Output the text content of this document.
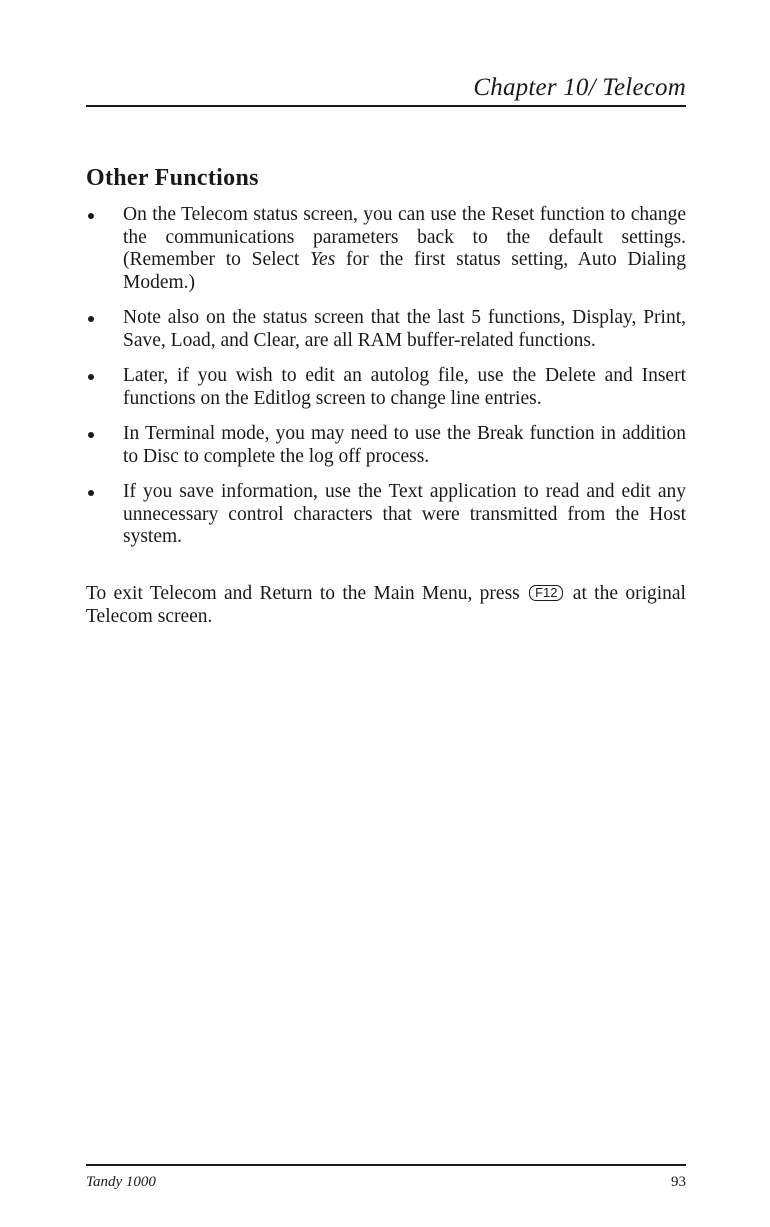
Chapter 10/ Telecom
Other Functions
On the Telecom status screen, you can use the Reset function to change the communications parameters back to the default settings. (Remember to Select Yes for the first status setting, Auto Dialing Modem.)
Note also on the status screen that the last 5 functions, Display, Print, Save, Load, and Clear, are all RAM buffer-related functions.
Later, if you wish to edit an autolog file, use the Delete and Insert functions on the Editlog screen to change line entries.
In Terminal mode, you may need to use the Break function in addition to Disc to complete the log off process.
If you save information, use the Text application to read and edit any unnecessary control characters that were transmitted from the Host system.

To exit Telecom and Return to the Main Menu, press F12 at the original Telecom screen.

Tandy 1000	93
